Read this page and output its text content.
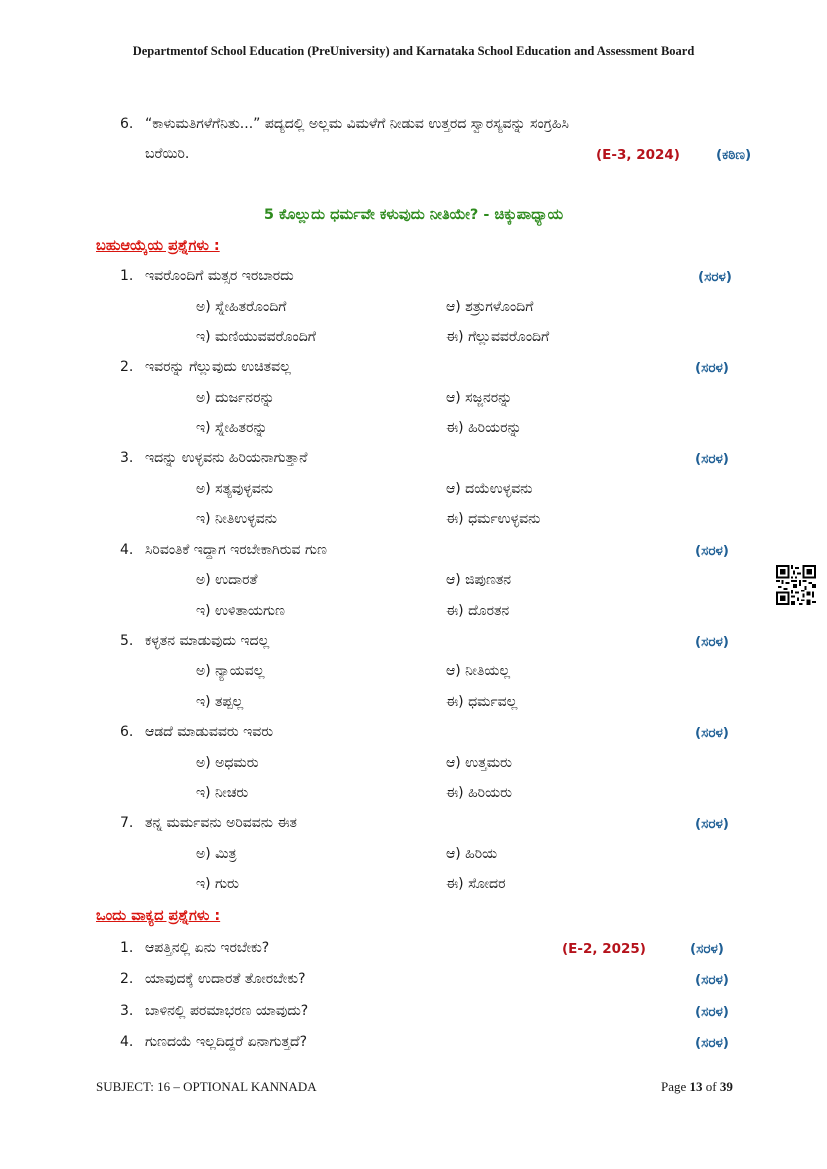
Departmentof School Education (PreUniversity) and Karnataka School Education and Assessment Board
6. “ಕಾಳುಮತಿಗಳೆಗೆನಿತು...” ಪದ್ಯದಲ್ಲಿ ಅಲ್ಲಮ ವಿಮಳೆಗೆ ನೀಡುವ ಉತ್ತರದ ಸ್ವಾರಸ್ಯವನ್ನು ಸಂಗ್ರಹಿಸಿ
ಬರೆಯಿರಿ.	(E-3, 2024)	(ಕಠಿಣ)
5 ಕೊಲ್ಲುದು ಧರ್ಮವೇ ಕಳುವುದು ನೀತಿಯೇ? - ಚಿಕ್ಕುಪಾಧ್ಯಾಯ
ಬಹುಆಯ್ಕೆಯ ಪ್ರಶ್ನೆಗಳು :
1. ಇವರೊಂದಿಗೆ ಮತ್ಸರ ಇರಬಾರದು	(ಸರಳ)
ಅ) ಸ್ನೇಹಿತರೊಂದಿಗೆ	ಆ) ಶತ್ರುಗಳೊಂದಿಗೆ
ಇ) ಮಣಿಯುವವರೊಂದಿಗೆ	ಈ) ಗೆಲ್ಲುವವರೊಂದಿಗೆ
2. ಇವರನ್ನು ಗೆಲ್ಲುವುದು ಉಚಿತವಲ್ಲ	(ಸರಳ)
ಅ) ದುರ್ಜನರನ್ನು	ಆ) ಸಜ್ಜನರನ್ನು
ಇ) ಸ್ನೇಹಿತರನ್ನು	ಈ) ಹಿರಿಯರನ್ನು
3. ಇದನ್ನು ಉಳ್ಳವನು ಹಿರಿಯನಾಗುತ್ತಾನೆ	(ಸರಳ)
ಅ) ಸತ್ಯವುಳ್ಳವನು	ಆ) ದಯೆಉಳ್ಳವನು
ಇ) ನೀತಿಉಳ್ಳವನು	ಈ) ಧರ್ಮಉಳ್ಳವನು
4. ಸಿರಿವಂತಿಕೆ ಇದ್ದಾಗ ಇರಬೇಕಾಗಿರುವ ಗುಣ	(ಸರಳ)
ಅ) ಉದಾರತೆ	ಆ) ಜಿಪುಣತನ
ಇ) ಉಳಿತಾಯಗುಣ	ಈ) ದೊರತನ
5. ಕಳ್ಳತನ ಮಾಡುವುದು ಇದಲ್ಲ	(ಸರಳ)
ಅ) ನ್ಯಾಯವಲ್ಲ	ಆ) ನೀತಿಯಲ್ಲ
ಇ) ತಪ್ಪಲ್ಲ	ಈ) ಧರ್ಮವಲ್ಲ
6. ಆಡದೆ ಮಾಡುವವರು ಇವರು	(ಸರಳ)
ಅ) ಅಧಮರು	ಆ) ಉತ್ತಮರು
ಇ) ನೀಚರು	ಈ) ಹಿರಿಯರು
7. ತನ್ನ ಮರ್ಮವನು ಅರಿವವನು ಈತ	(ಸರಳ)
ಅ) ಮಿತ್ರ	ಆ) ಹಿರಿಯ
ಇ) ಗುರು	ಈ) ಸೋದರ
ಒಂದು ವಾಕ್ಯದ ಪ್ರಶ್ನೆಗಳು :
1. ಆಪತ್ತಿನಲ್ಲಿ ಏನು ಇರಬೇಕು?	(E-2, 2025)	(ಸರಳ)
2. ಯಾವುದಕ್ಕೆ ಉದಾರತೆ ತೋರಬೇಕು?	(ಸರಳ)
3. ಬಾಳಿನಲ್ಲಿ ಪರಮಾಭರಣ ಯಾವುದು?	(ಸರಳ)
4. ಗುಣದಯೆ ಇಲ್ಲದಿದ್ದರೆ ಏನಾಗುತ್ತದೆ?	(ಸರಳ)
SUBJECT: 16 – OPTIONAL KANNADA	Page 13 of 39
